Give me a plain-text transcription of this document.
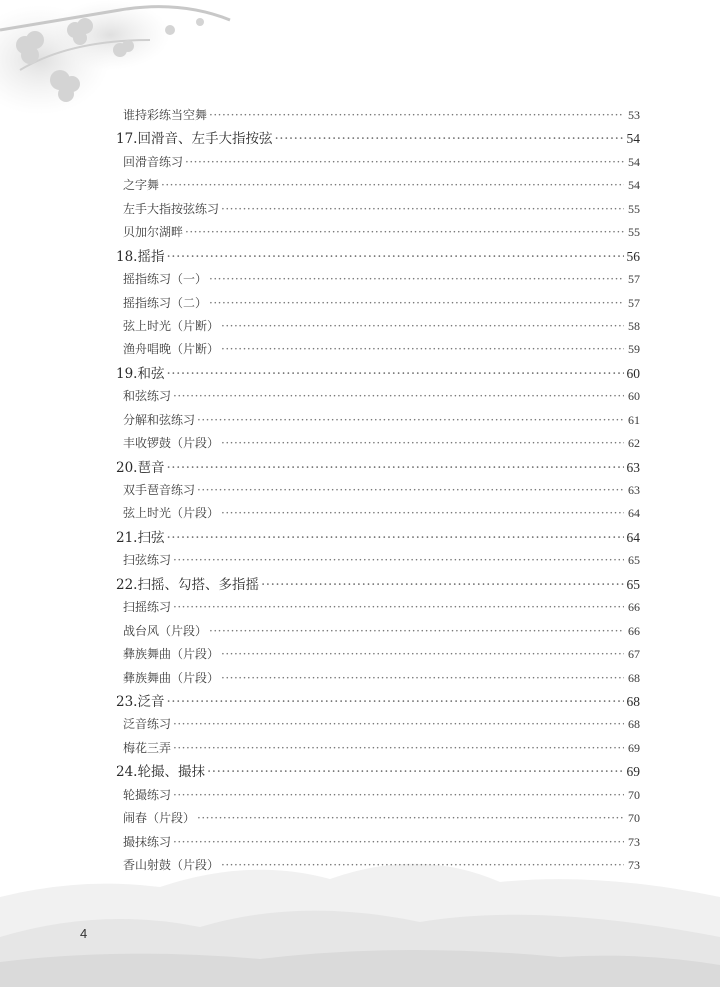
谁持彩练当空舞 ·····	53
17.回滑音、左手大指按弦 ·····	54
回滑音练习 ·····	54
之字舞 ·····	54
左手大指按弦练习 ·····	55
贝加尔湖畔 ·····	55
18.摇指 ·····	56
摇指练习（一） ·····	57
摇指练习（二） ·····	57
弦上时光（片断） ·····	58
渔舟唱晚（片断） ·····	59
19.和弦 ·····	60
和弦练习 ·····	60
分解和弦练习 ·····	61
丰收锣鼓（片段） ·····	62
20.琶音 ·····	63
双手琶音练习 ·····	63
弦上时光（片段） ·····	64
21.扫弦 ·····	64
扫弦练习 ·····	65
22.扫摇、勾搭、多指摇 ·····	65
扫摇练习 ·····	66
战台风（片段） ·····	66
彝族舞曲（片段） ·····	67
彝族舞曲（片段） ·····	68
23.泛音 ·····	68
泛音练习 ·····	68
梅花三弄 ·····	69
24.轮撮、撮抹 ·····	69
轮撮练习 ·····	70
闹春（片段） ·····	70
撮抹练习 ·····	73
香山射鼓（片段） ·····	73
4
